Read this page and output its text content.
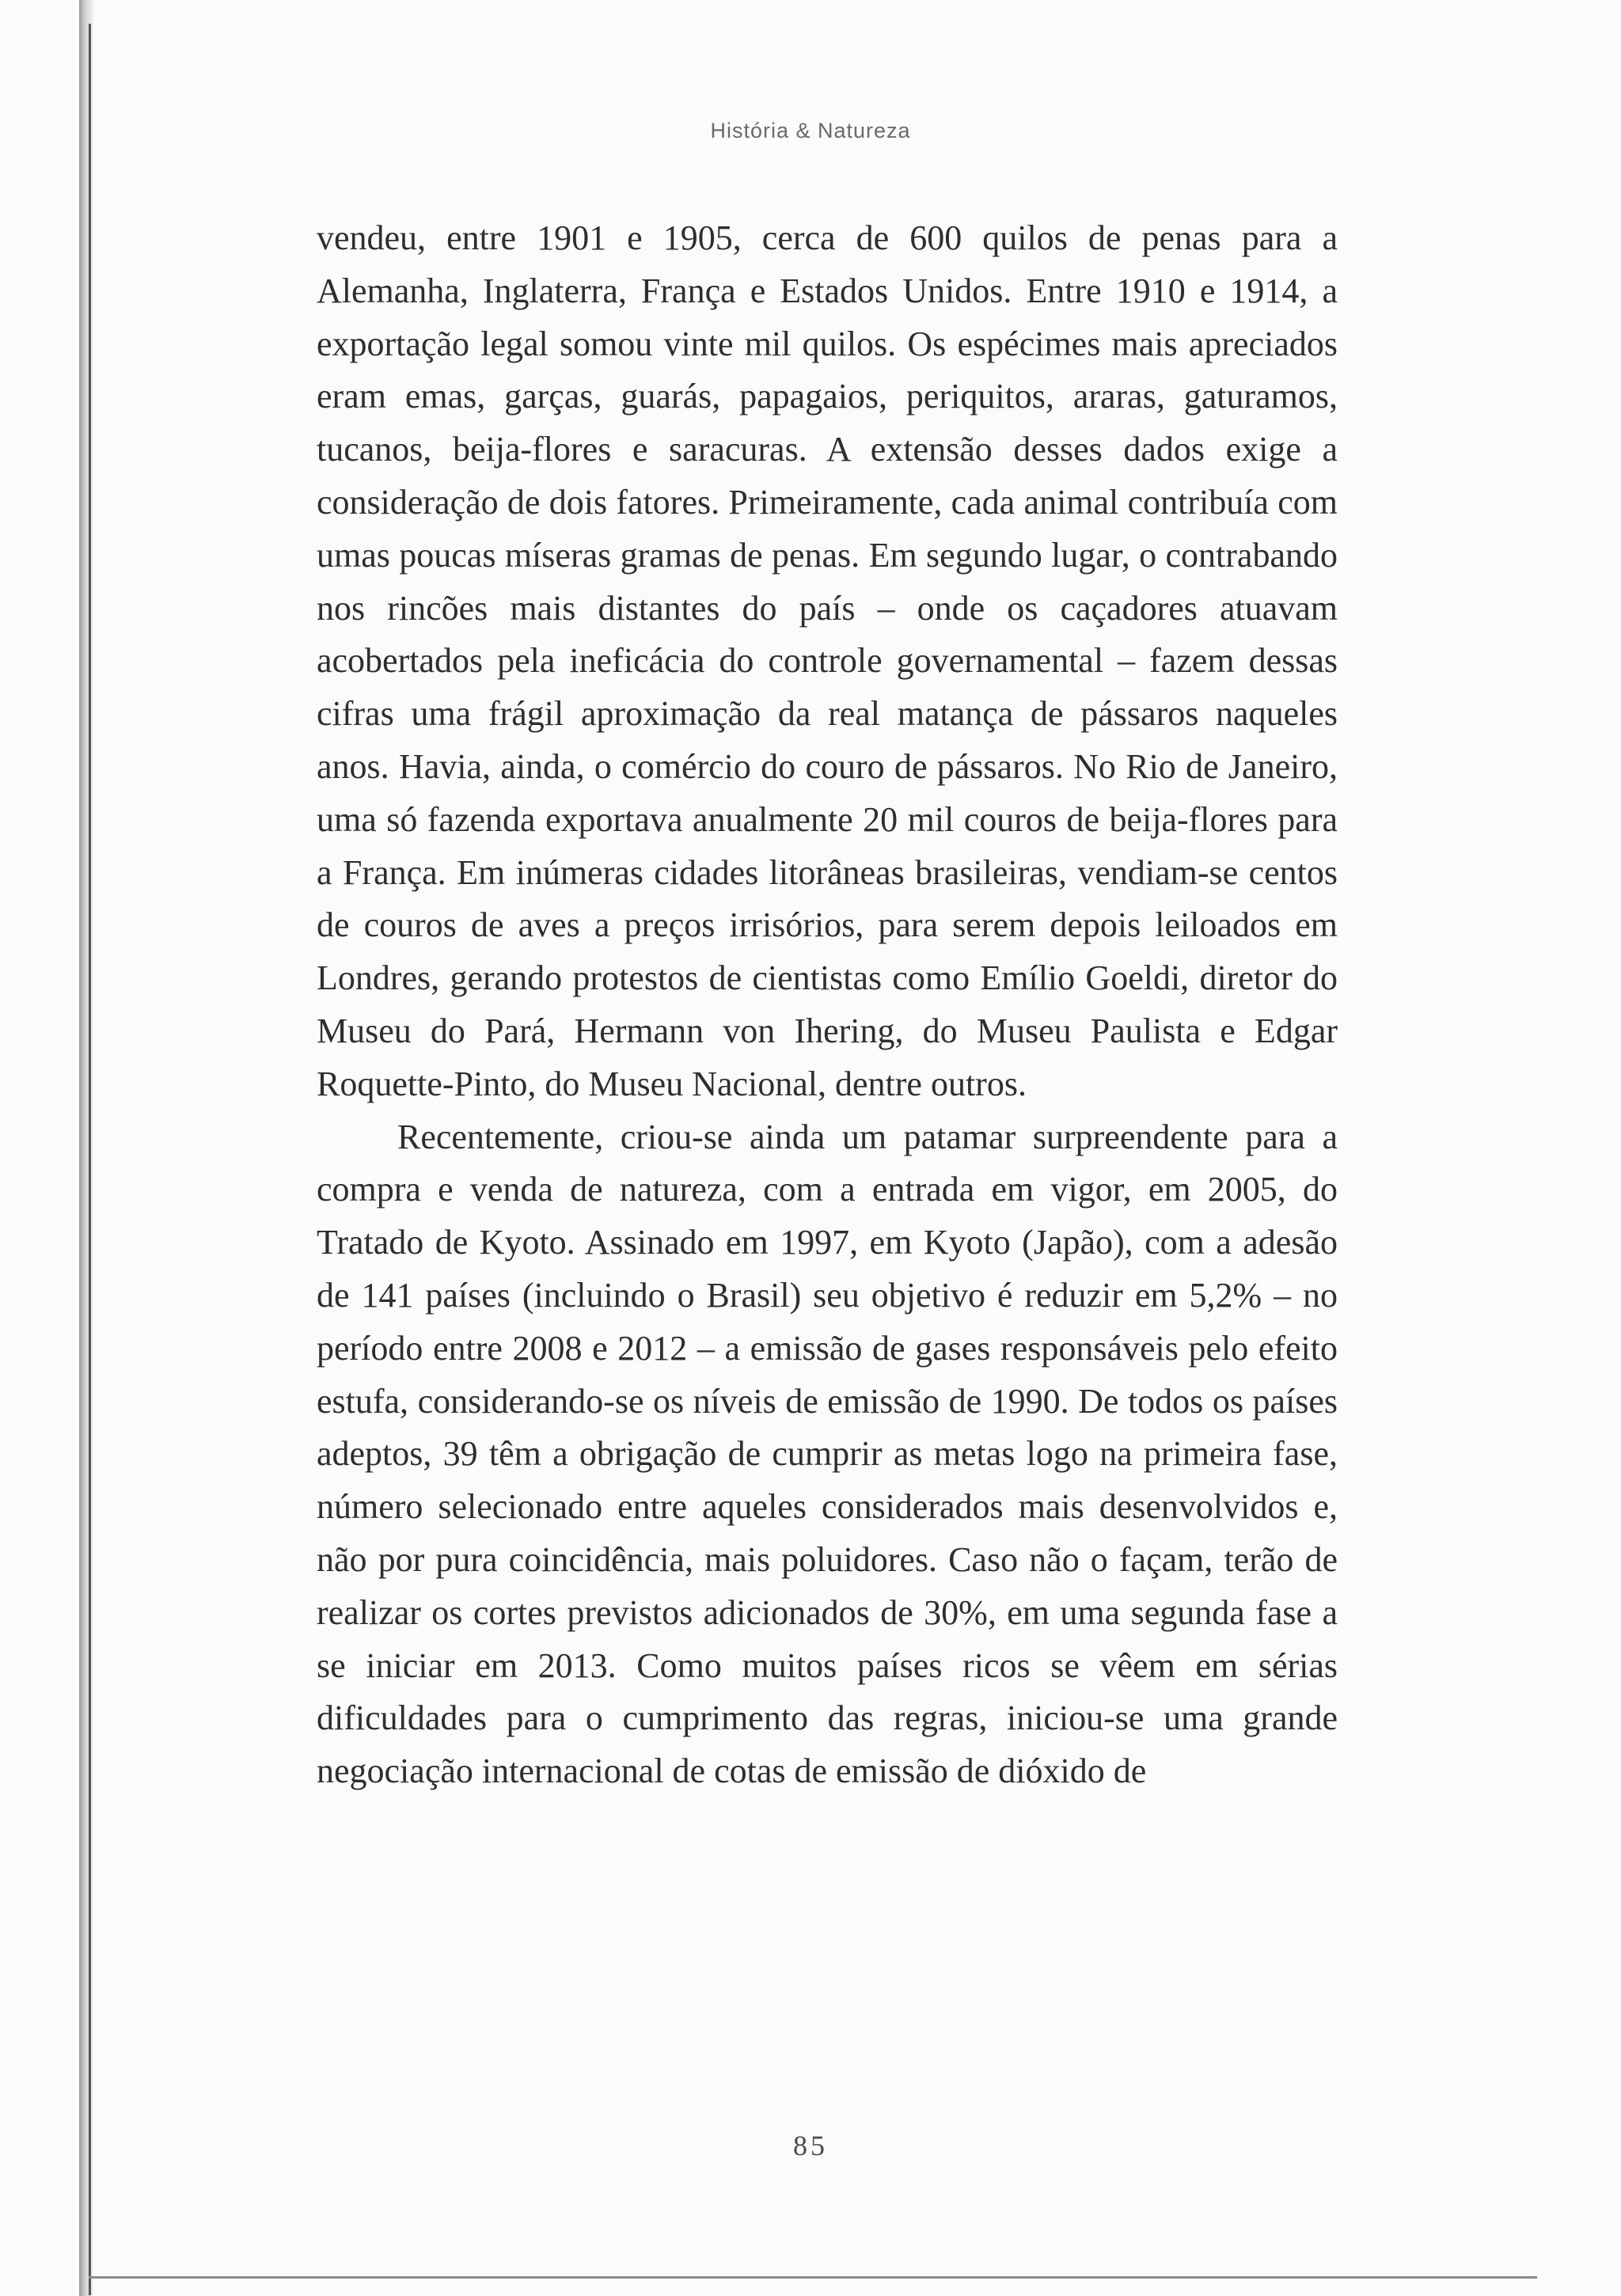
História & Natureza

vendeu, entre 1901 e 1905, cerca de 600 quilos de penas para a Alemanha, Inglaterra, França e Estados Unidos. Entre 1910 e 1914, a exportação legal somou vinte mil quilos. Os espécimes mais apreciados eram emas, garças, guarás, papagaios, periquitos, araras, gaturamos, tucanos, beija-flores e saracuras. A extensão desses dados exige a consideração de dois fatores. Primeiramente, cada animal contribuía com umas poucas míseras gramas de penas. Em segundo lugar, o contrabando nos rincões mais distantes do país – onde os caçadores atuavam acobertados pela ineficácia do controle governamental – fazem dessas cifras uma frágil aproximação da real matança de pássaros naqueles anos. Havia, ainda, o comércio do couro de pássaros. No Rio de Janeiro, uma só fazenda exportava anualmente 20 mil couros de beija-flores para a França. Em inúmeras cidades litorâneas brasileiras, vendiam-se centos de couros de aves a preços irrisórios, para serem depois leiloados em Londres, gerando protestos de cientistas como Emílio Goeldi, diretor do Museu do Pará, Hermann von Ihering, do Museu Paulista e Edgar Roquette-Pinto, do Museu Nacional, dentre outros.

Recentemente, criou-se ainda um patamar surpreendente para a compra e venda de natureza, com a entrada em vigor, em 2005, do Tratado de Kyoto. Assinado em 1997, em Kyoto (Japão), com a adesão de 141 países (incluindo o Brasil) seu objetivo é reduzir em 5,2% – no período entre 2008 e 2012 – a emissão de gases responsáveis pelo efeito estufa, considerando-se os níveis de emissão de 1990. De todos os países adeptos, 39 têm a obrigação de cumprir as metas logo na primeira fase, número selecionado entre aqueles considerados mais desenvolvidos e, não por pura coincidência, mais poluidores. Caso não o façam, terão de realizar os cortes previstos adicionados de 30%, em uma segunda fase a se iniciar em 2013. Como muitos países ricos se vêem em sérias dificuldades para o cumprimento das regras, iniciou-se uma grande negociação internacional de cotas de emissão de dióxido de

85
